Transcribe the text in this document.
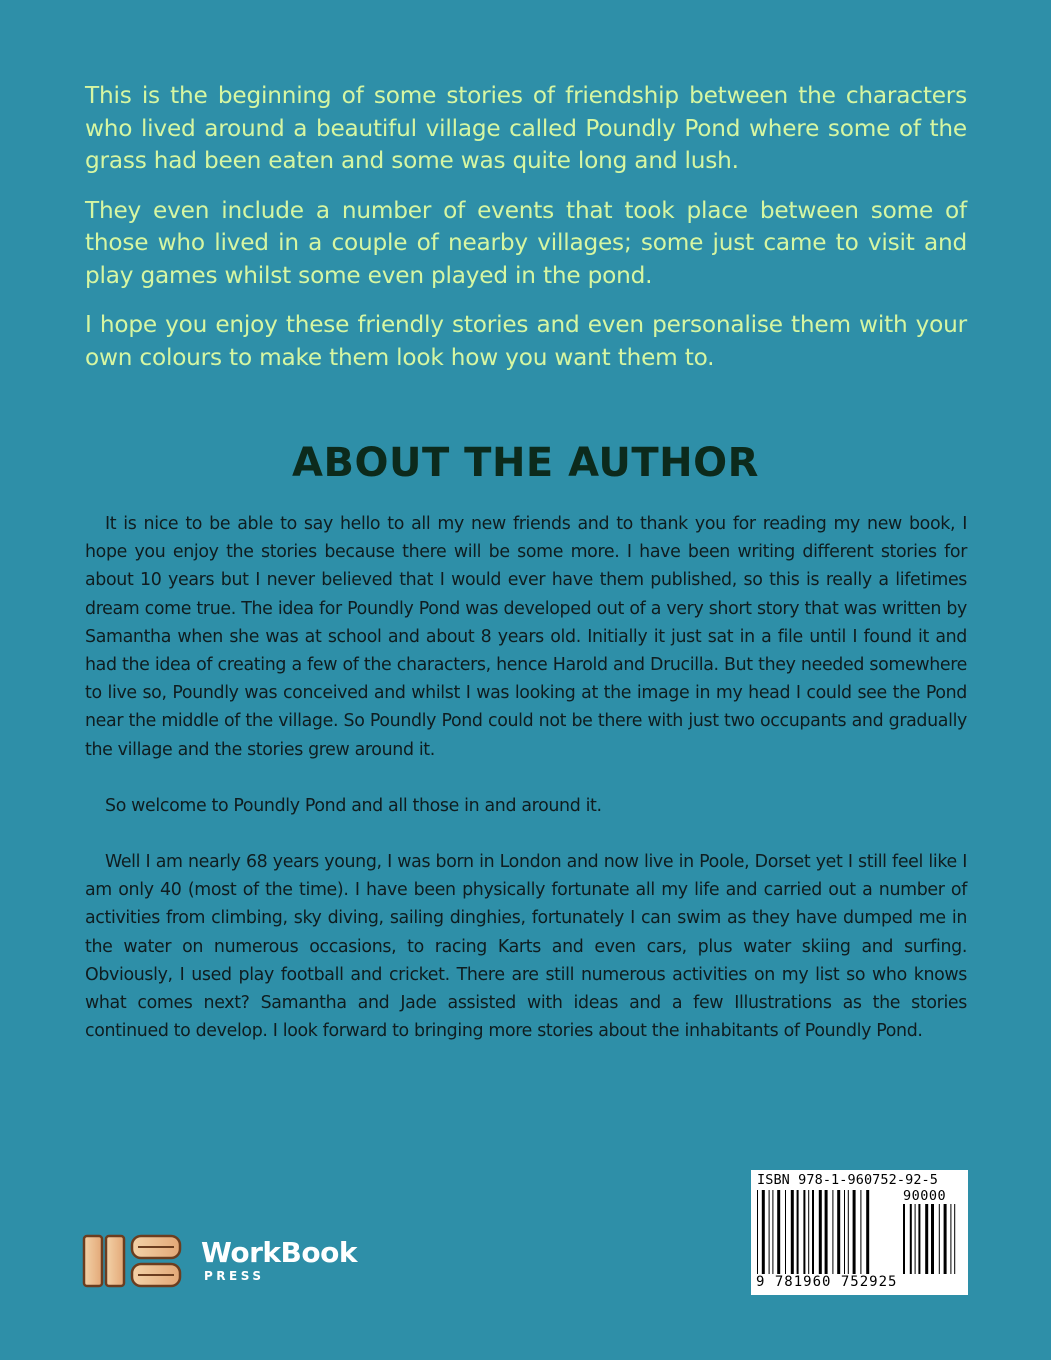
This is the beginning of some stories of friendship between the characters who lived around a beautiful village called Poundly Pond where some of the grass had been eaten and some was quite long and lush.

They even include a number of events that took place between some of those who lived in a couple of nearby villages; some just came to visit and play games whilst some even played in the pond.

I hope you enjoy these friendly stories and even personalise them with your own colours to make them look how you want them to.

ABOUT THE AUTHOR

It is nice to be able to say hello to all my new friends and to thank you for reading my new book, I hope you enjoy the stories because there will be some more. I have been writing different stories for about 10 years but I never believed that I would ever have them published, so this is really a lifetimes dream come true. The idea for Poundly Pond was developed out of a very short story that was written by Samantha when she was at school and about 8 years old. Initially it just sat in a file until I found it and had the idea of creating a few of the characters, hence Harold and Drucilla. But they needed somewhere to live so, Poundly was conceived and whilst I was looking at the image in my head I could see the Pond near the middle of the village. So Poundly Pond could not be there with just two occupants and gradually the village and the stories grew around it.

So welcome to Poundly Pond and all those in and around it.

Well I am nearly 68 years young, I was born in London and now live in Poole, Dorset yet I still feel like I am only 40 (most of the time). I have been physically fortunate all my life and carried out a number of activities from climbing, sky diving, sailing dinghies, fortunately I can swim as they have dumped me in the water on numerous occasions, to racing Karts and even cars, plus water skiing and surfing. Obviously, I used play football and cricket. There are still numerous activities on my list so who knows what comes next? Samantha and Jade assisted with ideas and a few Illustrations as the stories continued to develop. I look forward to bringing more stories about the inhabitants of Poundly Pond.

WorkBook
PRESS
ISBN 978-1-960752-92-5
90000
9 781960 752925
